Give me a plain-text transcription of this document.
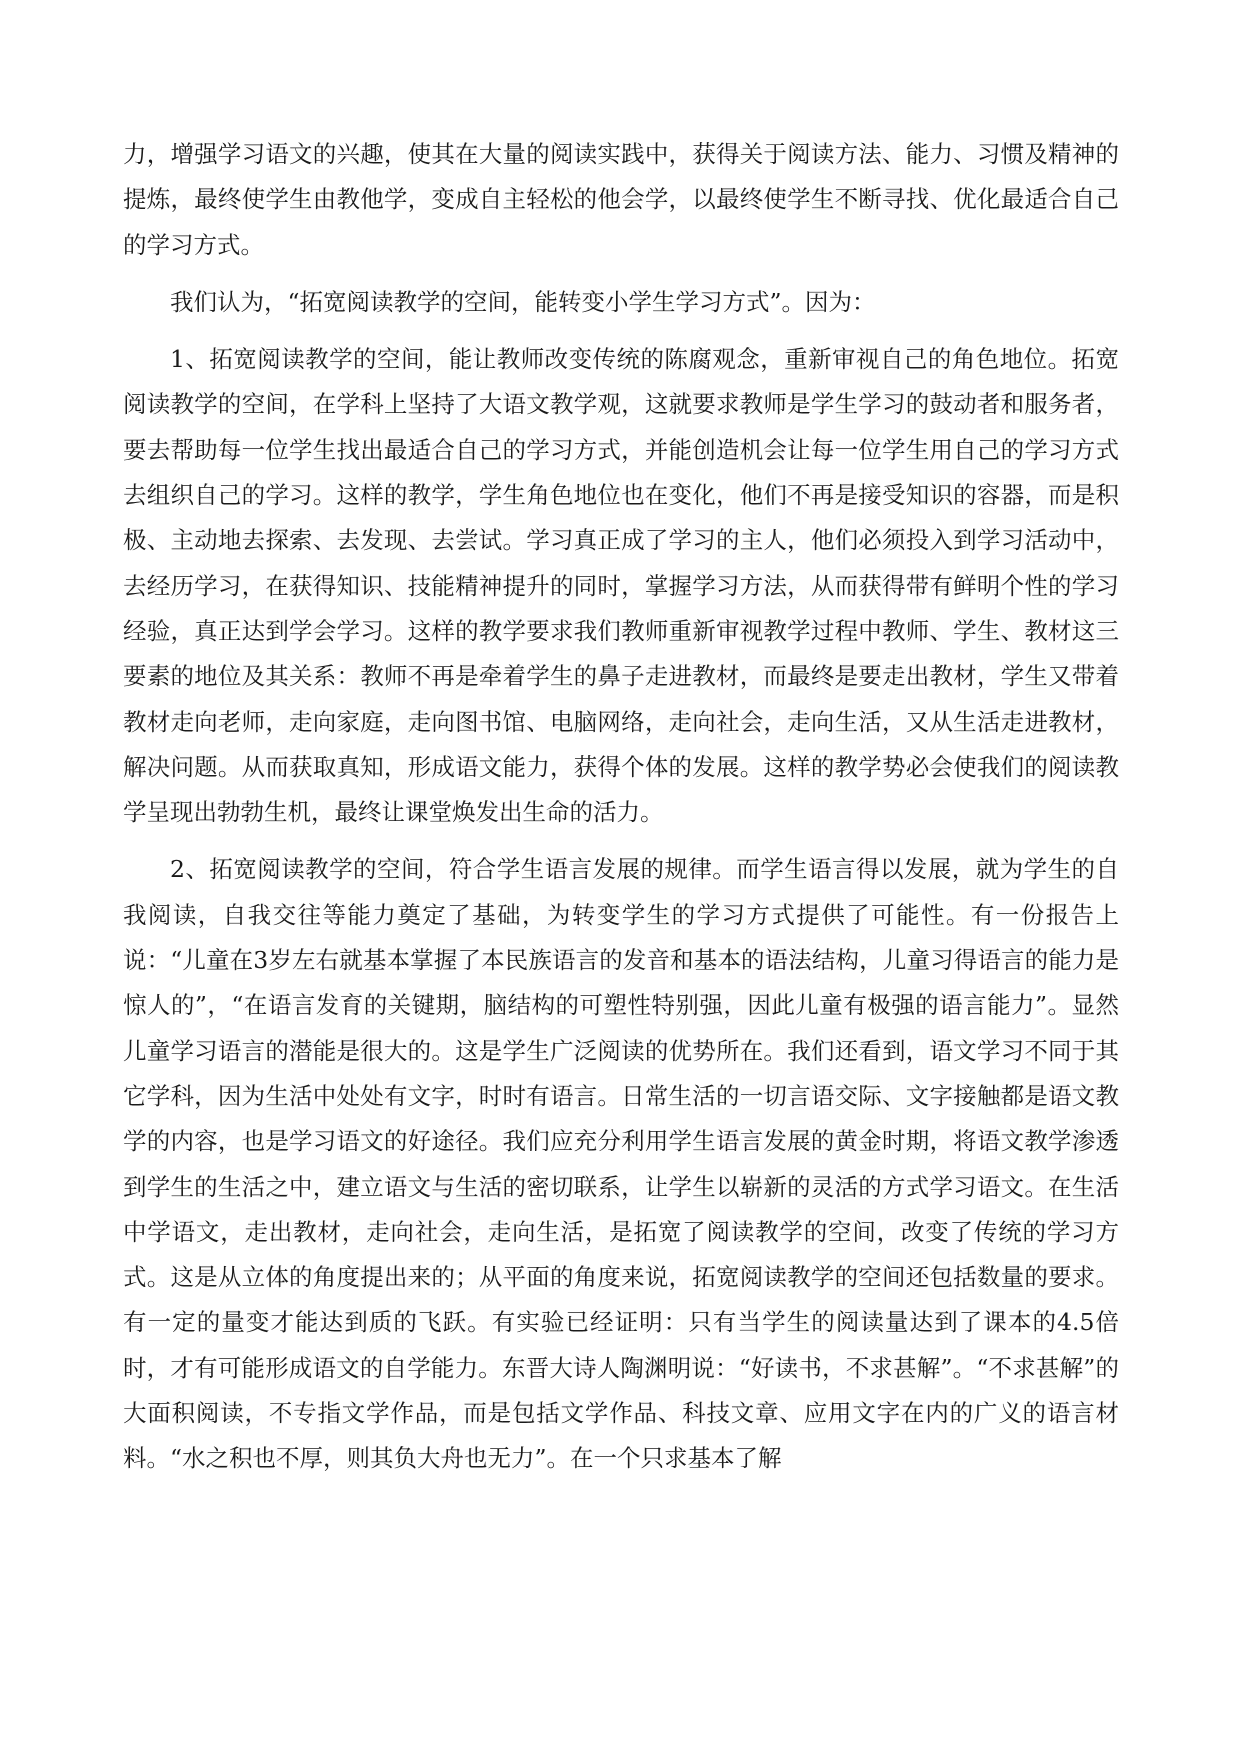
力，增强学习语文的兴趣，使其在大量的阅读实践中，获得关于阅读方法、能力、习惯及精神的提炼，最终使学生由教他学，变成自主轻松的他会学，以最终使学生不断寻找、优化最适合自己的学习方式。

我们认为，“拓宽阅读教学的空间，能转变小学生学习方式”。因为：

1、拓宽阅读教学的空间，能让教师改变传统的陈腐观念，重新审视自己的角色地位。拓宽阅读教学的空间，在学科上坚持了大语文教学观，这就要求教师是学生学习的鼓动者和服务者，要去帮助每一位学生找出最适合自己的学习方式，并能创造机会让每一位学生用自己的学习方式去组织自己的学习。这样的教学，学生角色地位也在变化，他们不再是接受知识的容器，而是积极、主动地去探索、去发现、去尝试。学习真正成了学习的主人，他们必须投入到学习活动中，去经历学习，在获得知识、技能精神提升的同时，掌握学习方法，从而获得带有鲜明个性的学习经验，真正达到学会学习。这样的教学要求我们教师重新审视教学过程中教师、学生、教材这三要素的地位及其关系：教师不再是牵着学生的鼻子走进教材，而最终是要走出教材，学生又带着教材走向老师，走向家庭，走向图书馆、电脑网络，走向社会，走向生活，又从生活走进教材，解决问题。从而获取真知，形成语文能力，获得个体的发展。这样的教学势必会使我们的阅读教学呈现出勃勃生机，最终让课堂焕发出生命的活力。

2、拓宽阅读教学的空间，符合学生语言发展的规律。而学生语言得以发展，就为学生的自我阅读，自我交往等能力奠定了基础，为转变学生的学习方式提供了可能性。有一份报告上说：“儿童在3岁左右就基本掌握了本民族语言的发音和基本的语法结构，儿童习得语言的能力是惊人的”，“在语言发育的关键期，脑结构的可塑性特别强，因此儿童有极强的语言能力”。显然儿童学习语言的潜能是很大的。这是学生广泛阅读的优势所在。我们还看到，语文学习不同于其它学科，因为生活中处处有文字，时时有语言。日常生活的一切言语交际、文字接触都是语文教学的内容，也是学习语文的好途径。我们应充分利用学生语言发展的黄金时期，将语文教学渗透到学生的生活之中，建立语文与生活的密切联系，让学生以崭新的灵活的方式学习语文。在生活中学语文，走出教材，走向社会，走向生活，是拓宽了阅读教学的空间，改变了传统的学习方式。这是从立体的角度提出来的；从平面的角度来说，拓宽阅读教学的空间还包括数量的要求。有一定的量变才能达到质的飞跃。有实验已经证明：只有当学生的阅读量达到了课本的4.5倍时，才有可能形成语文的自学能力。东晋大诗人陶渊明说：“好读书，不求甚解”。“不求甚解”的大面积阅读，不专指文学作品，而是包括文学作品、科技文章、应用文字在内的广义的语言材料。“水之积也不厚，则其负大舟也无力”。在一个只求基本了解
